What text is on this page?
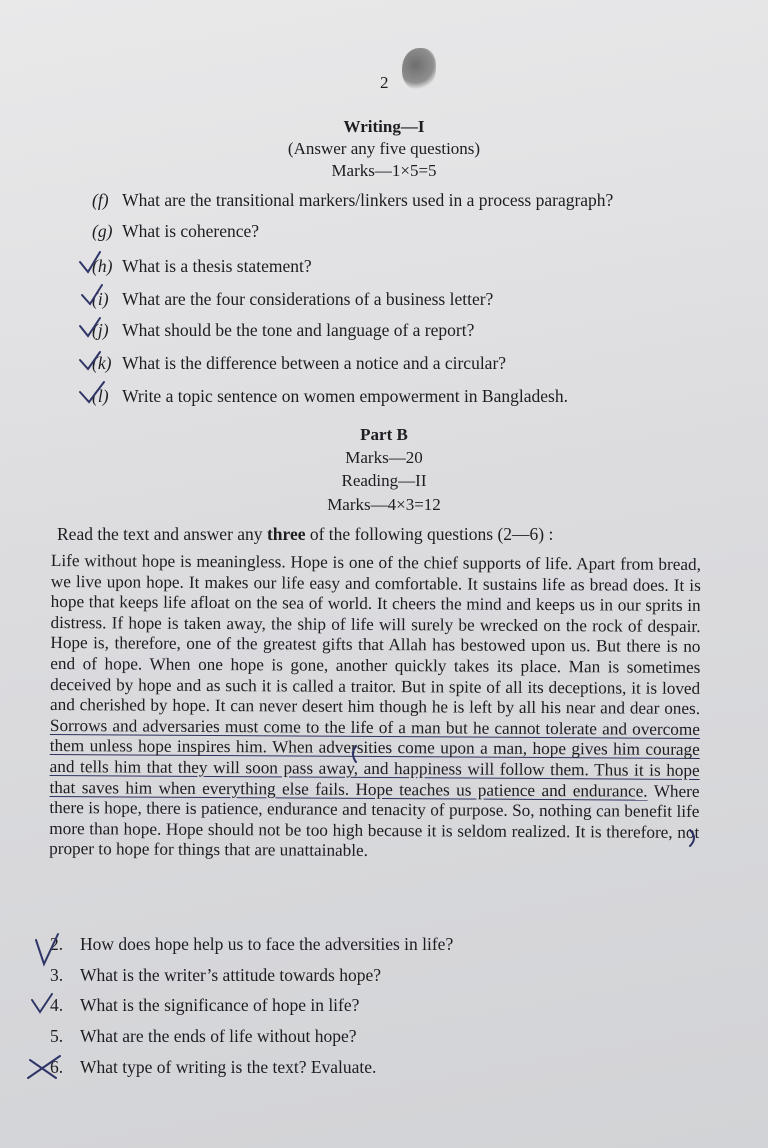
2
Writing—I
(Answer any five questions)
Marks—1×5=5
(f) What are the transitional markers/linkers used in a process paragraph?
(g) What is coherence?
(h) What is a thesis statement?
(i) What are the four considerations of a business letter?
(j) What should be the tone and language of a report?
(k) What is the difference between a notice and a circular?
(l) Write a topic sentence on women empowerment in Bangladesh.
Part B
Marks—20
Reading—II
Marks—4×3=12
Read the text and answer any three of the following questions (2—6) :
Life without hope is meaningless. Hope is one of the chief supports of life. Apart from bread, we live upon hope. It makes our life easy and comfortable. It sustains life as bread does. It is hope that keeps life afloat on the sea of world. It cheers the mind and keeps us in our sprits in distress. If hope is taken away, the ship of life will surely be wrecked on the rock of despair. Hope is, therefore, one of the greatest gifts that Allah has bestowed upon us. But there is no end of hope. When one hope is gone, another quickly takes its place. Man is sometimes deceived by hope and as such it is called a traitor. But in spite of all its deceptions, it is loved and cherished by hope. It can never desert him though he is left by all his near and dear ones. Sorrows and adversaries must come to the life of a man but he cannot tolerate and overcome them unless hope inspires him. When adversities come upon a man, hope gives him courage and tells him that they will soon pass away, and happiness will follow them. Thus it is hope that saves him when everything else fails. Hope teaches us patience and endurance. Where there is hope, there is patience, endurance and tenacity of purpose. So, nothing can benefit life more than hope. Hope should not be too high because it is seldom realized. It is therefore, not proper to hope for things that are unattainable.
2. How does hope help us to face the adversities in life?
3. What is the writer’s attitude towards hope?
4. What is the significance of hope in life?
5. What are the ends of life without hope?
6. What type of writing is the text? Evaluate.
